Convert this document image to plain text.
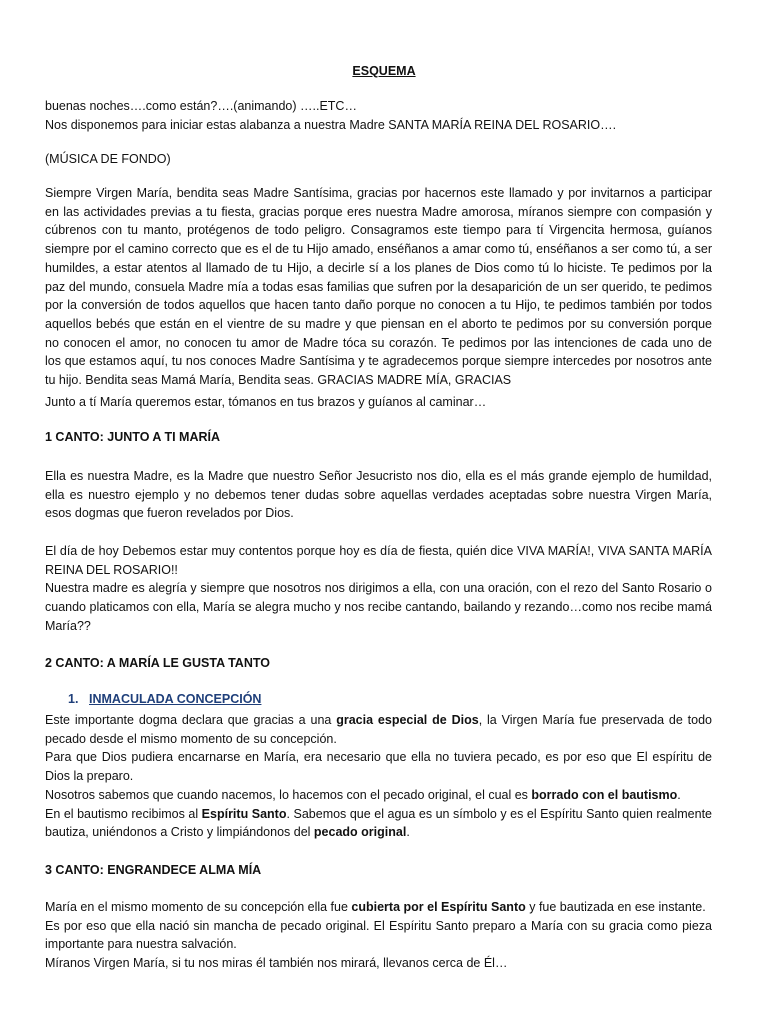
ESQUEMA
buenas noches….como están?….(animando) …..ETC…
Nos disponemos para iniciar estas alabanza a nuestra Madre SANTA MARÍA REINA DEL ROSARIO….
(MÚSICA DE FONDO)
Siempre Virgen María, bendita seas Madre Santísima, gracias por hacernos este llamado y por invitarnos a participar
en las actividades previas a tu fiesta, gracias porque eres nuestra Madre amorosa, míranos siempre con compasión y
cúbrenos con tu manto, protégenos de todo peligro. Consagramos este tiempo para tí Virgencita hermosa, guíanos
siempre por el camino correcto que es el de tu Hijo amado, enséñanos a amar como tú, enséñanos a ser como tú, a ser
humildes, a estar atentos al llamado de tu Hijo, a decirle sí a los planes de Dios como tú lo hiciste. Te pedimos por la
paz del mundo, consuela Madre mía a todas esas familias que sufren por la desaparición de un ser querido, te pedimos
por la conversión de todos aquellos que hacen tanto daño porque no conocen a tu Hijo, te pedimos también por todos
aquellos bebés que están en el vientre de su madre y que piensan en el aborto te pedimos por su conversión porque
no conocen el amor, no conocen tu amor de Madre tóca su corazón. Te pedimos por las intenciones de cada uno de
los que estamos aquí, tu nos conoces Madre Santísima y te agradecemos porque siempre intercedes por nosotros ante
tu hijo. Bendita seas Mamá María, Bendita seas. GRACIAS MADRE MÍA, GRACIAS
Junto a tí María queremos estar, tómanos en tus brazos y guíanos al caminar…
1 CANTO: JUNTO A TI MARÍA
Ella es nuestra Madre, es la Madre que nuestro Señor Jesucristo nos dio, ella es el más grande ejemplo de humildad,
ella es nuestro ejemplo y no debemos tener dudas sobre aquellas verdades aceptadas sobre nuestra Virgen María,
esos dogmas que fueron revelados por Dios.
El día de hoy Debemos estar muy contentos porque hoy es día de fiesta, quién dice VIVA MARÍA!, VIVA SANTA MARÍA
REINA DEL ROSARIO!!
Nuestra madre es alegría y siempre que nosotros nos dirigimos a ella, con una oración, con el rezo del Santo Rosario o
cuando platicamos con ella, María se alegra mucho y nos recibe cantando, bailando y rezando…como nos recibe mamá
María??
2 CANTO: A MARÍA LE GUSTA TANTO
1. INMACULADA CONCEPCIÓN
Este importante dogma declara que gracias a una gracia especial de Dios, la Virgen María fue preservada de todo
pecado desde el mismo momento de su concepción.
Para que Dios pudiera encarnarse en María, era necesario que ella no tuviera pecado, es por eso que El espíritu de
Dios la preparo.
Nosotros sabemos que cuando nacemos, lo hacemos con el pecado original, el cual es borrado con el bautismo.
En el bautismo recibimos al Espíritu Santo. Sabemos que el agua es un símbolo y es el Espíritu Santo quien realmente
bautiza, uniéndonos a Cristo y limpiándonos del pecado original.
3 CANTO: ENGRANDECE ALMA MÍA
María en el mismo momento de su concepción ella fue cubierta por el Espíritu Santo y fue bautizada en ese instante.
Es por eso que ella nació sin mancha de pecado original. El Espíritu Santo preparo a María con su gracia como pieza
importante para nuestra salvación.
Míranos Virgen María, si tu nos miras él también nos mirará, llevanos cerca de Él…
